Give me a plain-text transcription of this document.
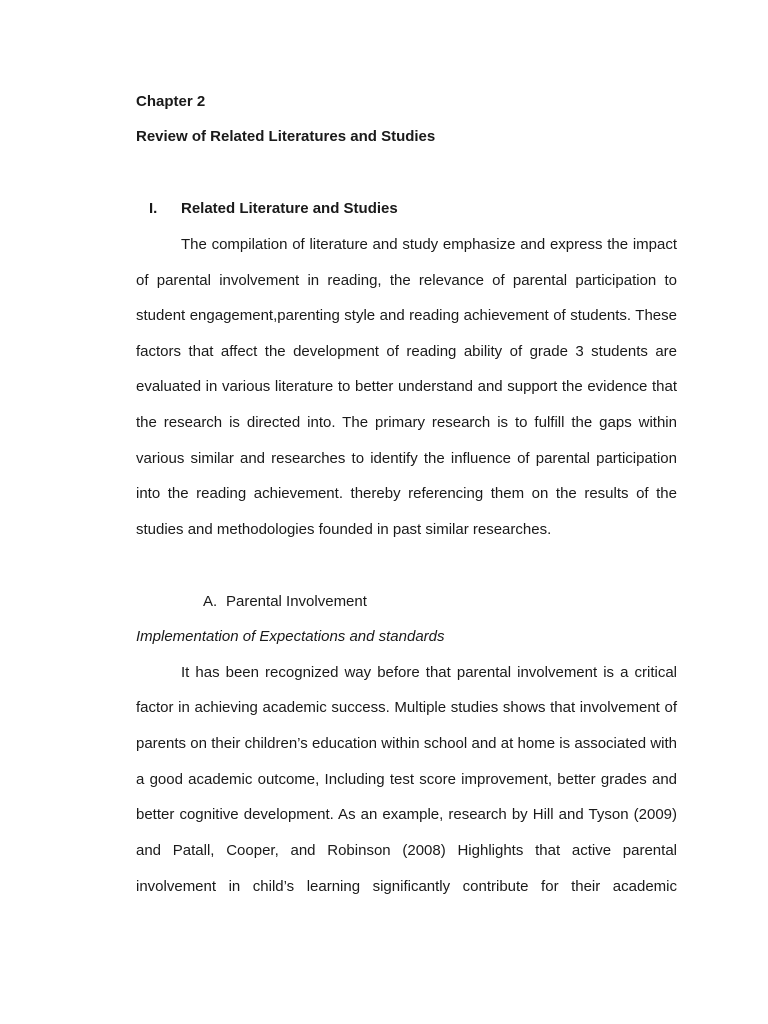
Chapter 2
Review of Related Literatures and Studies
I. Related Literature and Studies
The compilation of literature and study emphasize and express the impact
of parental involvement in reading, the relevance of parental participation to
student engagement,parenting style and reading achievement of students. These
factors that affect the development of reading ability of grade 3 students are
evaluated in various literature to better understand and support the evidence that
the research is directed into. The primary research is to fulfill the gaps within
various similar and researches to identify the influence of parental participation
into the reading achievement. thereby referencing them on the results of the
studies and methodologies founded in past similar researches.
A. Parental Involvement
Implementation of Expectations and standards
It has been recognized way before that parental involvement is a critical
factor in achieving academic success. Multiple studies shows that involvement of
parents on their children’s education within school and at home is associated with
a good academic outcome, Including test score improvement, better grades and
better cognitive development. As an example, research by Hill and Tyson (2009)
and Patall, Cooper, and Robinson (2008) Highlights that active parental
involvement in child’s learning significantly contribute for their academic
